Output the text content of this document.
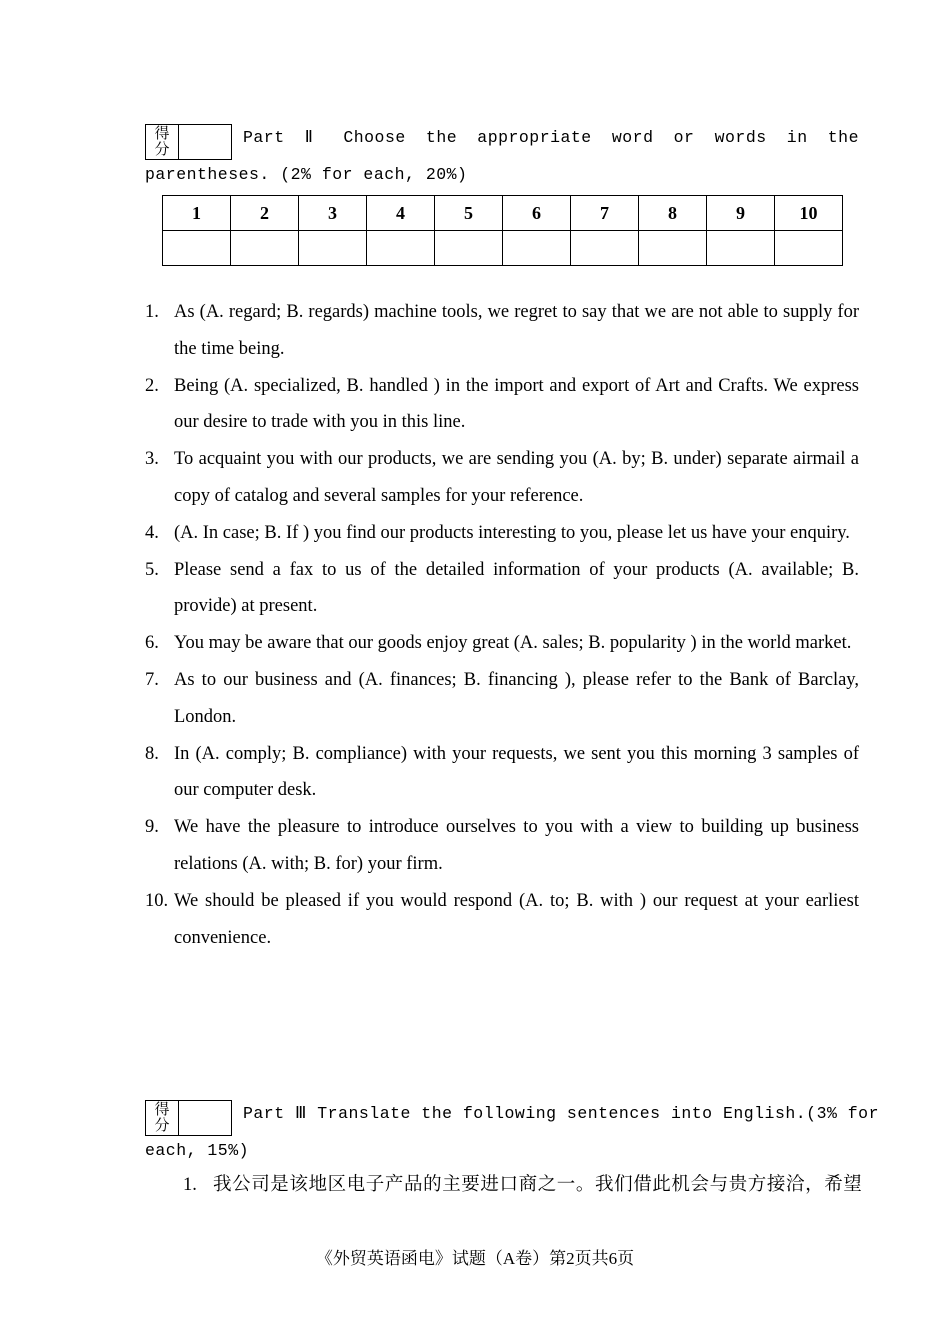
得
分
Part Ⅱ Choose the appropriate word or words in the
parentheses. (2% for each, 20%)
1	2	3	4	5	6	7	8	9	10

1. As (A. regard; B. regards) machine tools, we regret to say that we are not able to supply for the time being.
2. Being (A. specialized, B. handled ) in the import and export of Art and Crafts. We express our desire to trade with you in this line.
3. To acquaint you with our products, we are sending you (A. by; B. under) separate airmail a copy of catalog and several samples for your reference.
4. (A. In case; B. If ) you find our products interesting to you, please let us have your enquiry.
5. Please send a fax to us of the detailed information of your products (A. available; B. provide) at present.
6. You may be aware that our goods enjoy great (A. sales; B. popularity ) in the world market.
7. As to our business and (A. finances; B. financing ), please refer to the Bank of Barclay, London.
8. In (A. comply; B. compliance) with your requests, we sent you this morning 3 samples of our computer desk.
9. We have the pleasure to introduce ourselves to you with a view to building up business relations (A. with; B. for) your firm.
10. We should be pleased if you would respond (A. to; B. with ) our request at your earliest convenience.
得
分
Part Ⅲ Translate the following sentences into English.(3% for
each, 15%)
1. 我公司是该地区电子产品的主要进口商之一。我们借此机会与贵方接洽，希望
《外贸英语函电》试题（A卷）第2页共6页
